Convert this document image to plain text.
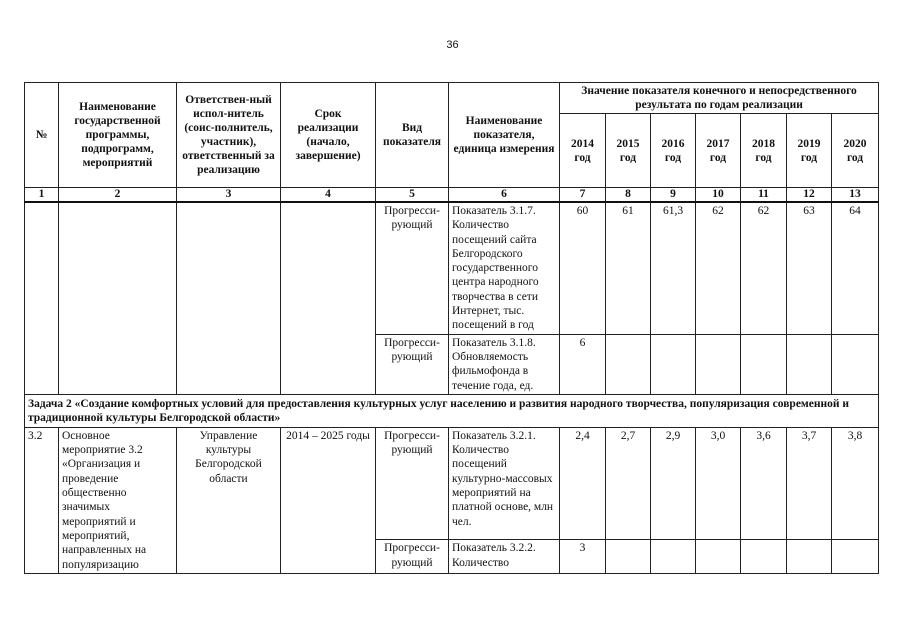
36
№	Наименование государственной программы, подпрограмм, мероприятий	Ответствен-ный испол-нитель (соис-полнитель, участник), ответственный за реализацию	Срок реализации (начало, завершение)	Вид показателя	Наименование показателя, единица измерения	Значение показателя конечного и непосредственного результата по годам реализации						
						2014 год	2015 год	2016 год	2017 год	2018 год	2019 год	2020 год
1	2	3	4	5	6	7	8	9	10	11	12	13
				Прогресси-рующий	Показатель 3.1.7. Количество посещений сайта Белгородского государственного центра народного творчества в сети Интернет, тыс. посещений в год	60	61	61,3	62	62	63	64
				Прогресси-рующий	Показатель 3.1.8. Обновляемость фильмофонда в течение года, ед.	6						
Задача 2 «Создание комфортных условий для предоставления культурных услуг населению и развития народного творчества, популяризация современной и традиционной культуры Белгородской области»												
3.2	Основное мероприятие 3.2 «Организация и проведение общественно значимых мероприятий и мероприятий, направленных на популяризацию	Управление культуры Белгородской области	2014 – 2025 годы	Прогресси-рующий	Показатель 3.2.1. Количество посещений культурно-массовых мероприятий на платной основе, млн чел.	2,4	2,7	2,9	3,0	3,6	3,7	3,8
				Прогресси-рующий	Показатель 3.2.2. Количество	3						
